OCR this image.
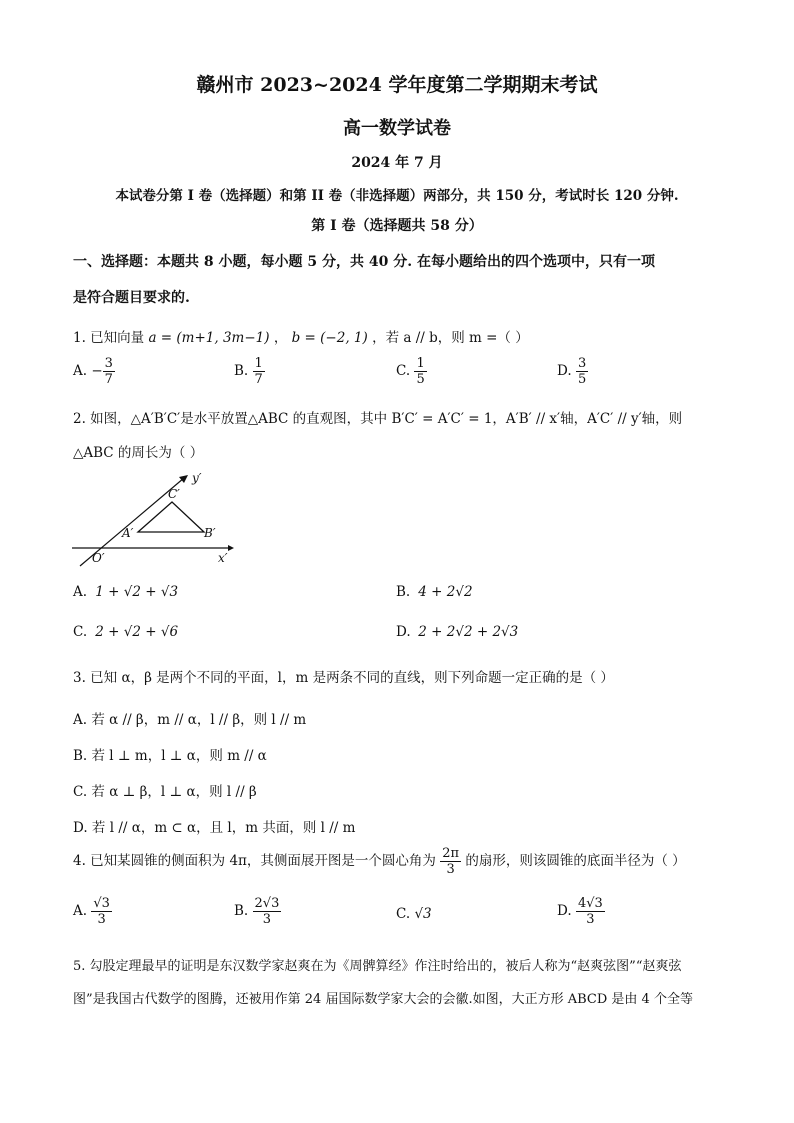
赣州市 2023~2024 学年度第二学期期末考试
高一数学试卷
2024 年 7 月
本试卷分第 I 卷（选择题）和第 II 卷（非选择题）两部分，共 150 分，考试时长 120 分钟.
第 I 卷（选择题共 58 分）
一、选择题：本题共 8 小题，每小题 5 分，共 40 分. 在每小题给出的四个选项中，只有一项
是符合题目要求的.
1. 已知向量 a = (m+1, 3m−1) ， b = (−2, 1) ，若 a // b，则 m =（ ）
A. − $\frac{3}{7}$	B. $\frac{1}{7}$	C. $\frac{1}{5}$	D. $\frac{3}{5}$
2. 如图，△A′B′C′是水平放置△ABC 的直观图，其中 B′C′ = A′C′ = 1，A′B′ // x′轴，A′C′ // y′轴，则
△ABC 的周长为（ ）
y′
x′
O′
A′	B′
C′
A. 1 + √2 + √3	B. 4 + 2√2
C. 2 + √2 + √6	D. 2 + 2√2 + 2√3
3. 已知 α，β 是两个不同的平面，l，m 是两条不同的直线，则下列命题一定正确的是（ ）
A. 若 α // β，m // α，l // β，则 l // m
B. 若 l ⊥ m，l ⊥ α，则 m // α
C. 若 α ⊥ β，l ⊥ α，则 l // β
D. 若 l // α，m ⊂ α，且 l，m 共面，则 l // m
4. 已知某圆锥的侧面积为 4π，其侧面展开图是一个圆心角为 $\frac{2\pi}{3}$ 的扇形，则该圆锥的底面半径为（ ）
A. $\frac{√3}{3}$	B. $\frac{2√3}{3}$	C. √3	D. $\frac{4√3}{3}$
5. 勾股定理最早的证明是东汉数学家赵爽在为《周髀算经》作注时给出的，被后人称为“赵爽弦图”“赵爽弦
图”是我国古代数学的图腾，还被用作第 24 届国际数学家大会的会徽.如图，大正方形 ABCD 是由 4 个全等
